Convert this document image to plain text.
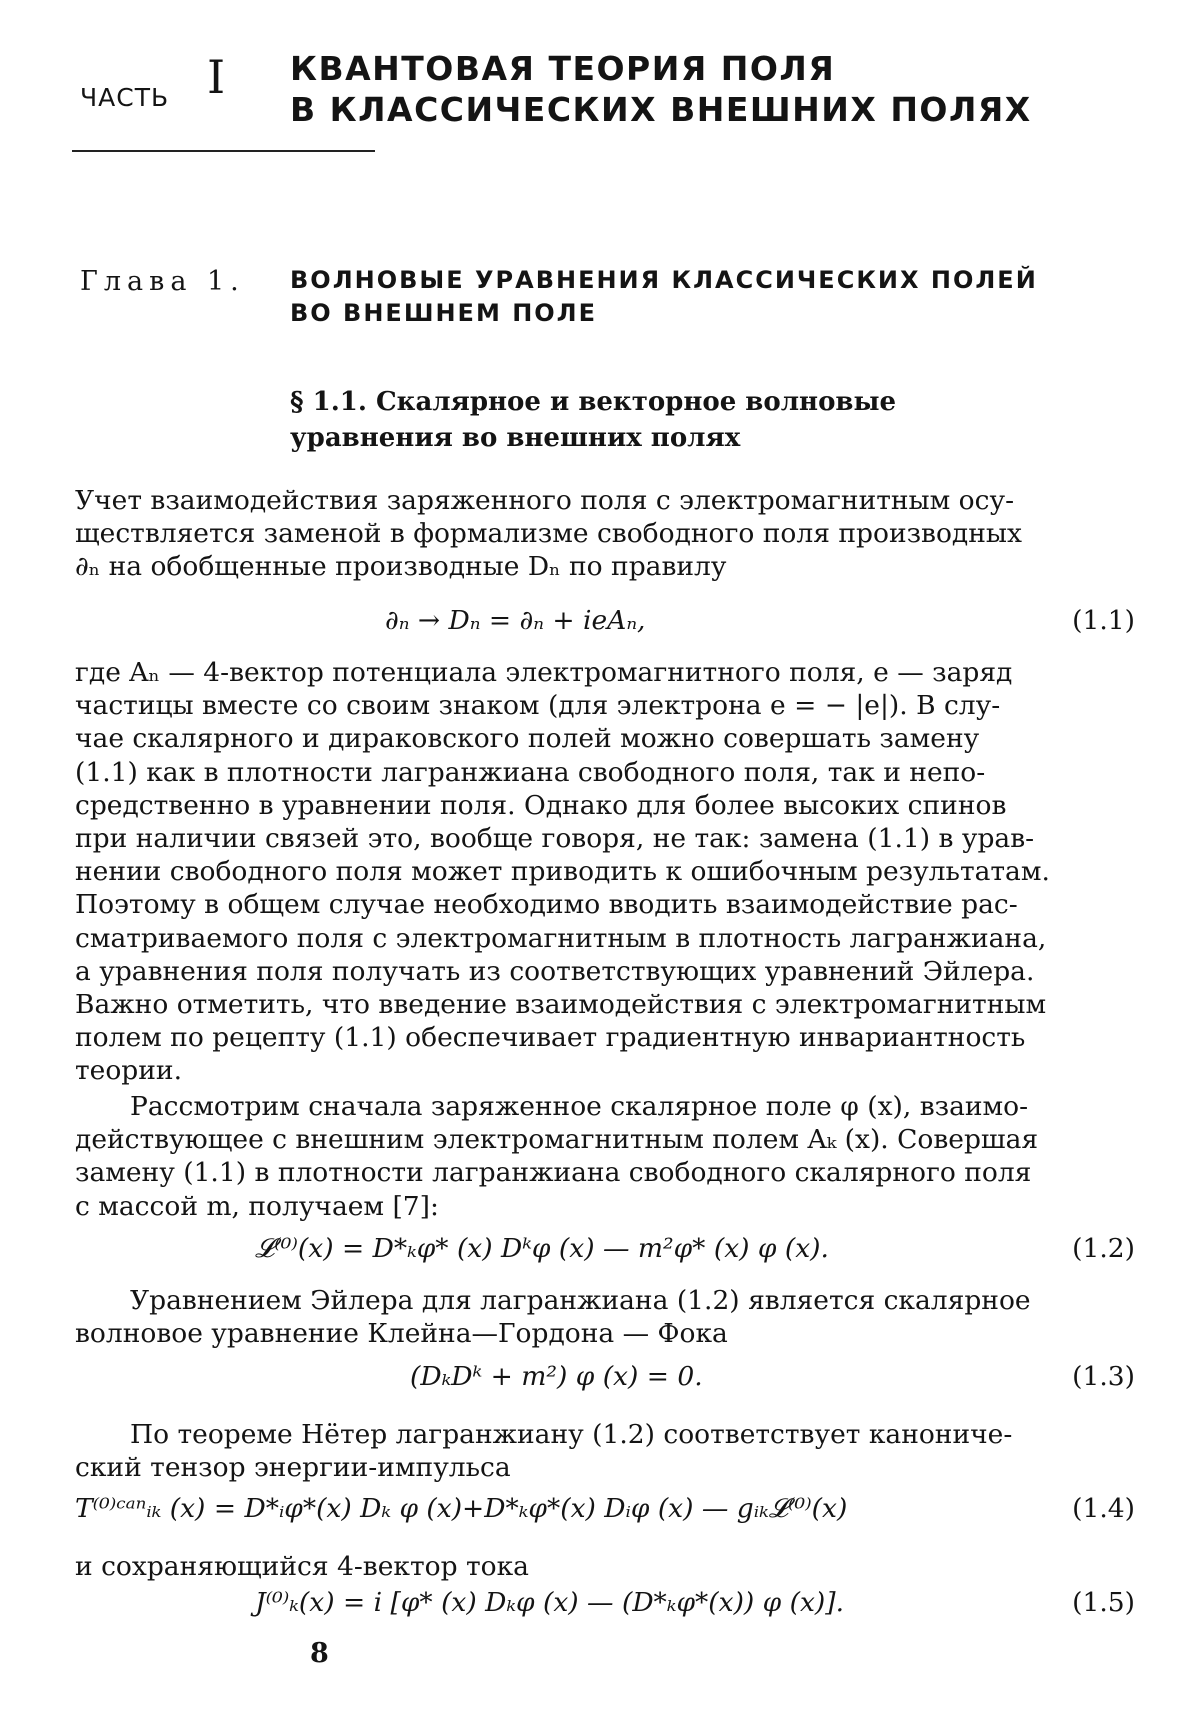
ЧАСТЬ I КВАНТОВАЯ ТЕОРИЯ ПОЛЯ
В КЛАССИЧЕСКИХ ВНЕШНИХ ПОЛЯХ
Глава 1. ВОЛНОВЫЕ УРАВНЕНИЯ КЛАССИЧЕСКИХ ПОЛЕЙ
ВО ВНЕШНЕМ ПОЛЕ
§ 1.1. Скалярное и векторное волновые
уравнения во внешних полях
Учет взаимодействия заряженного поля с электромагнитным осу-
ществляется заменой в формализме свободного поля производных
∂ₙ на обобщенные производные Dₙ по правилу
∂ₙ → Dₙ = ∂ₙ + ieAₙ,	(1.1)
где Aₙ — 4-вектор потенциала электромагнитного поля, e — заряд
частицы вместе со своим знаком (для электрона e = − |e|). В слу-
чае скалярного и дираковского полей можно совершать замену
(1.1) как в плотности лагранжиана свободного поля, так и непо-
средственно в уравнении поля. Однако для более высоких спинов
при наличии связей это, вообще говоря, не так: замена (1.1) в урав-
нении свободного поля может приводить к ошибочным результатам.
Поэтому в общем случае необходимо вводить взаимодействие рас-
сматриваемого поля с электромагнитным в плотность лагранжиана,
а уравнения поля получать из соответствующих уравнений Эйлера.
Важно отметить, что введение взаимодействия с электромагнитным
полем по рецепту (1.1) обеспечивает градиентную инвариантность
теории.
Рассмотрим сначала заряженное скалярное поле φ (x), взаимо-
действующее с внешним электромагнитным полем Aₖ (x). Совершая
замену (1.1) в плотности лагранжиана свободного скалярного поля
с массой m, получаем [7]:
𝓛⁽⁰⁾(x) = D*ₖφ* (x) Dᵏφ (x) — m²φ* (x) φ (x).	(1.2)
Уравнением Эйлера для лагранжиана (1.2) является скалярное
волновое уравнение Клейна—Гордона — Фока
(DₖDᵏ + m²) φ (x) = 0.	(1.3)
По теореме Нётер лагранжиану (1.2) соответствует канониче-
ский тензор энергии-импульса
T⁽⁰⁾ᶜᵃⁿᵢₖ (x) = D*ᵢφ*(x) Dₖ φ (x)+D*ₖφ*(x) Dᵢφ (x) — gᵢₖ𝓛⁽⁰⁾(x)	(1.4)
и сохраняющийся 4-вектор тока
J⁽⁰⁾ₖ(x) = i [φ* (x) Dₖφ (x) — (D*ₖφ*(x)) φ (x)].	(1.5)
8
